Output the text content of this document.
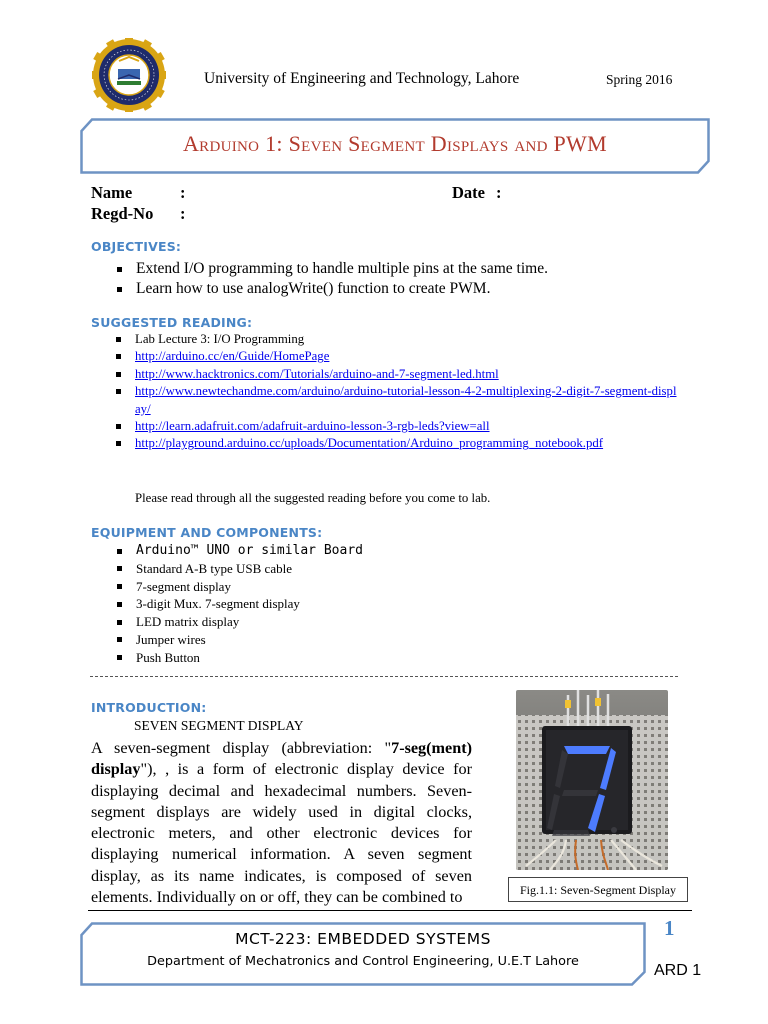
University of Engineering and Technology, Lahore	Spring 2016
Arduino 1: Seven Segment Displays and PWM
Name	:
Regd-No :
Date :
OBJECTIVES:
Extend I/O programming to handle multiple pins at the same time.
Learn how to use analogWrite() function to create PWM.
SUGGESTED READING:
Lab Lecture 3: I/O Programming
http://arduino.cc/en/Guide/HomePage
http://www.hacktronics.com/Tutorials/arduino-and-7-segment-led.html
http://www.newtechandme.com/arduino/arduino-tutorial-lesson-4-2-multiplexing-2-digit-7-segment-display/
http://learn.adafruit.com/adafruit-arduino-lesson-3-rgb-leds?view=all
http://playground.arduino.cc/uploads/Documentation/Arduino_programming_notebook.pdf
Please read through all the suggested reading before you come to lab.
EQUIPMENT AND COMPONENTS:
Arduino™ UNO or similar Board
Standard A-B type USB cable
7-segment display
3-digit Mux. 7-segment display
LED matrix display
Jumper wires
Push Button
INTRODUCTION:
SEVEN SEGMENT DISPLAY
A seven-segment display (abbreviation: "7-seg(ment) display"), , is a form of electronic display device for displaying decimal and hexadecimal numbers. Seven-segment displays are widely used in digital clocks, electronic meters, and other electronic devices for displaying numerical information. A seven segment display, as its name indicates, is composed of seven elements. Individually on or off, they can be combined to	Fig.1.1: Seven-Segment Display
MCT-223: EMBEDDED SYSTEMS
Department of Mechatronics and Control Engineering, U.E.T Lahore
1
ARD 1
